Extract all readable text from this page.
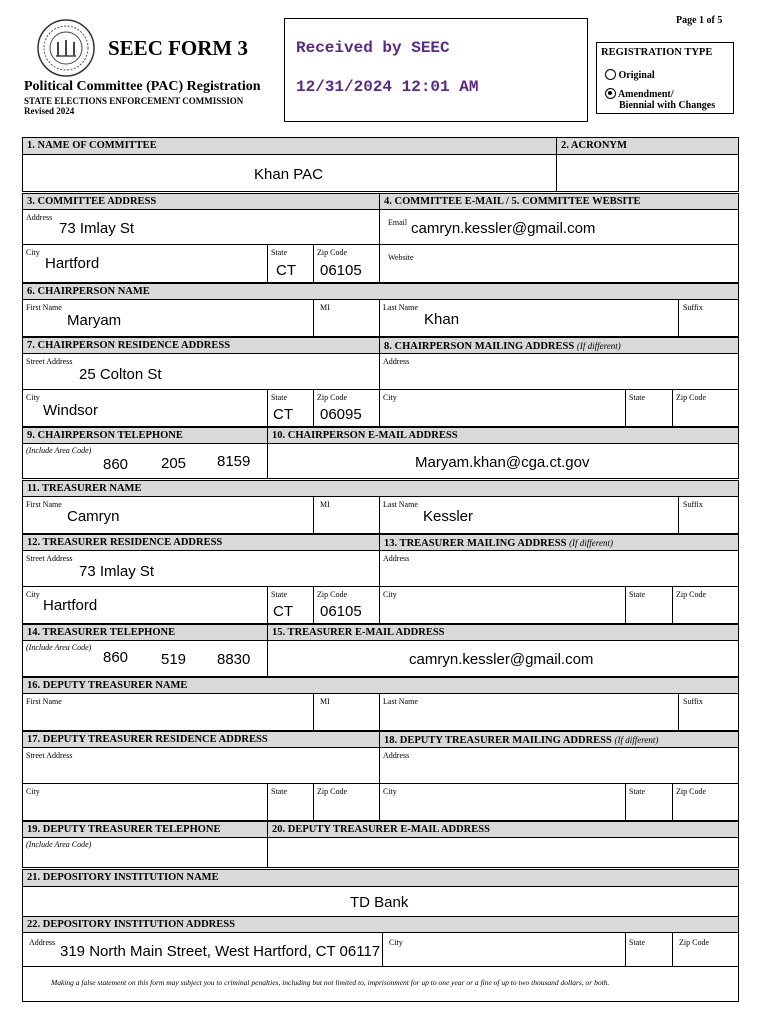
SEEC FORM 3
Political Committee (PAC) Registration
STATE ELECTIONS ENFORCEMENT COMMISSION
Revised 2024
Received by SEEC
12/31/2024 12:01 AM
Page 1 of 5
REGISTRATION TYPE
Original
Amendment/
Biennial with Changes
1. NAME OF COMMITTEE	2. ACRONYM
Khan PAC
3. COMMITTEE ADDRESS	4. COMMITTEE E-MAIL / 5. COMMITTEE WEBSITE
Address
73 Imlay St
City
Hartford
State
CT
Zip Code
06105
Email camryn.kessler@gmail.com
Website
6. CHAIRPERSON NAME
First Name
Maryam
MI	Last Name
Khan
Suffix
7. CHAIRPERSON RESIDENCE ADDRESS	8. CHAIRPERSON MAILING ADDRESS (If different)
Street Address
25 Colton St
City
Windsor
State
CT
Zip Code
06095
Address
City	State	Zip Code
9. CHAIRPERSON TELEPHONE	10. CHAIRPERSON E-MAIL ADDRESS
(Include Area Code)
860 205 8159	Maryam.khan@cga.ct.gov
11. TREASURER NAME
First Name
Camryn
MI	Last Name
Kessler
Suffix
12. TREASURER RESIDENCE ADDRESS	13. TREASURER MAILING ADDRESS (If different)
Street Address
73 Imlay St
City
Hartford
State
CT
Zip Code
06105
Address
City	State	Zip Code
14. TREASURER TELEPHONE	15. TREASURER E-MAIL ADDRESS
(Include Area Code)
860 519 8830	camryn.kessler@gmail.com
16. DEPUTY TREASURER NAME
First Name	MI	Last Name	Suffix
17. DEPUTY TREASURER RESIDENCE ADDRESS	18. DEPUTY TREASURER MAILING ADDRESS (If different)
Street Address
City	State	Zip Code
Address
City	State	Zip Code
19. DEPUTY TREASURER TELEPHONE	20. DEPUTY TREASURER E-MAIL ADDRESS
(Include Area Code)
21. DEPOSITORY INSTITUTION NAME
TD Bank
22. DEPOSITORY INSTITUTION ADDRESS
Address
319 North Main Street, West Hartford, CT 06117
City	State	Zip Code
Making a false statement on this form may subject you to criminal penalties, including but not limited to, imprisonment for up to one year or a fine of up to two thousand dollars, or both.
